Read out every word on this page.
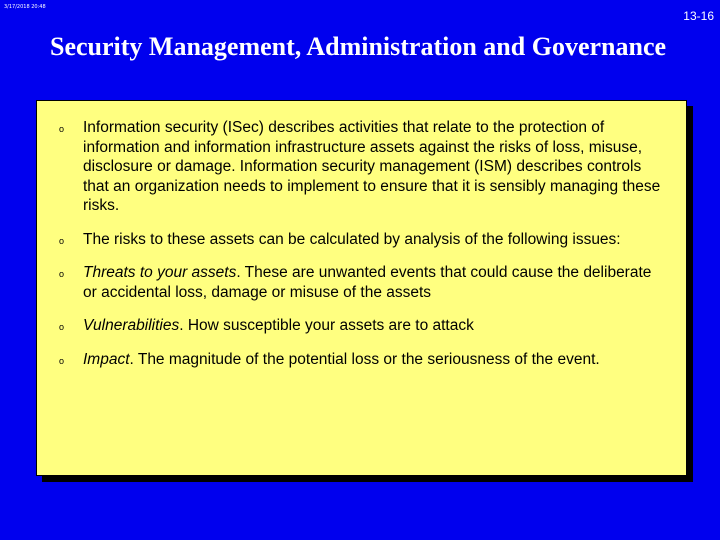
3/17/2018 20:48
13-16
Security Management, Administration and Governance
o Information security (ISec) describes activities that relate to the protection of information and information infrastructure assets against the risks of loss, misuse, disclosure or damage. Information security management (ISM) describes controls that an organization needs to implement to ensure that it is sensibly managing these risks.
o The risks to these assets can be calculated by analysis of the following issues:
o Threats to your assets. These are unwanted events that could cause the deliberate or accidental loss, damage or misuse of the assets
o Vulnerabilities. How susceptible your assets are to attack
o Impact. The magnitude of the potential loss or the seriousness of the event.
